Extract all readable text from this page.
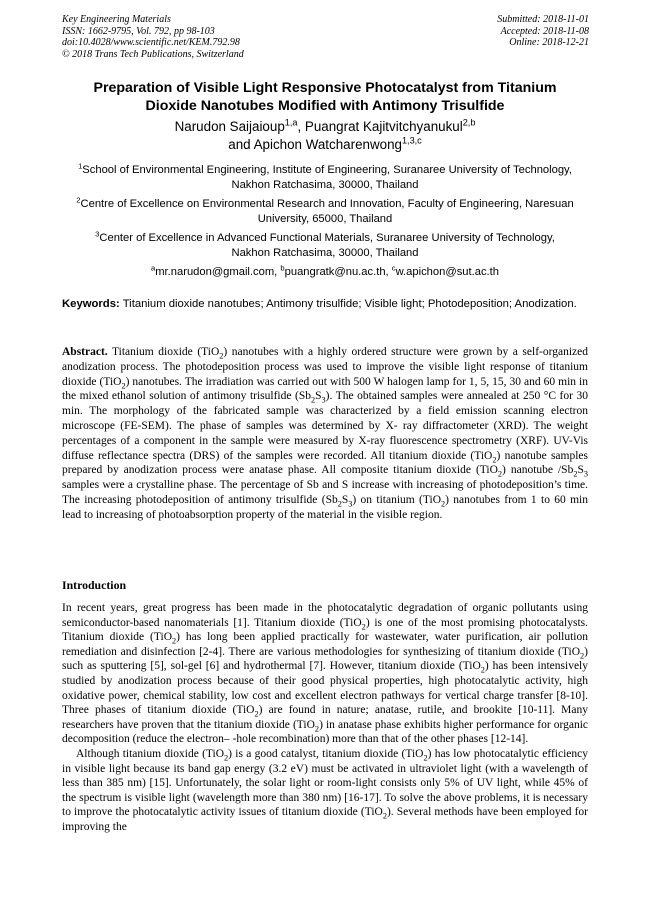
Key Engineering Materials
ISSN: 1662-9795, Vol. 792, pp 98-103
doi:10.4028/www.scientific.net/KEM.792.98
© 2018 Trans Tech Publications, Switzerland
Submitted: 2018-11-01
Accepted: 2018-11-08
Online: 2018-12-21
Preparation of Visible Light Responsive Photocatalyst from Titanium
Dioxide Nanotubes Modified with Antimony Trisulfide
Narudon Saijaioup$^{1,a}$, Puangrat Kajitvitchyanukul$^{2,b}$
and Apichon Watcharenwong$^{1,3,c}$
$^1$School of Environmental Engineering, Institute of Engineering, Suranaree University of Technology,
Nakhon Ratchasima, 30000, Thailand
$^2$Centre of Excellence on Environmental Research and Innovation, Faculty of Engineering, Naresuan
University, 65000, Thailand
$^3$Center of Excellence in Advanced Functional Materials, Suranaree University of Technology,
Nakhon Ratchasima, 30000, Thailand
$^a$mr.narudon@gmail.com, $^b$puangratk@nu.ac.th, $^c$w.apichon@sut.ac.th
Keywords: Titanium dioxide nanotubes; Antimony trisulfide; Visible light; Photodeposition; Anodization.
Abstract. Titanium dioxide (TiO$_2$) nanotubes with a highly ordered structure were grown by a self-organized anodization process. The photodeposition process was used to improve the visible light response of titanium dioxide (TiO$_2$) nanotubes. The irradiation was carried out with 500 W halogen lamp for 1, 5, 15, 30 and 60 min in the mixed ethanol solution of antimony trisulfide $(Sb_2S_3)$. The obtained samples were annealed at 250 °C for 30 min. The morphology of the fabricated sample was characterized by a field emission scanning electron microscope (FE-SEM). The phase of samples was determined by X- ray diffractometer (XRD). The weight percentages of a component in the sample were measured by X-ray fluorescence spectrometry (XRF). UV-Vis diffuse reflectance spectra (DRS) of the samples were recorded. All titanium dioxide (TiO$_2$) nanotube samples prepared by anodization process were anatase phase. All composite titanium dioxide (TiO$_2$) nanotube $/Sb_2S_3$ samples were a crystalline phase. The percentage of Sb and S increase with increasing of photodeposition’s time. The increasing photodeposition of antimony trisulfide $(Sb_2S_3)$ on titanium (TiO$_2$) nanotubes from 1 to 60 min lead to increasing of photoabsorption property of the material in the visible region.
Introduction

In recent years, great progress has been made in the photocatalytic degradation of organic pollutants using semiconductor-based nanomaterials [1]. Titanium dioxide (TiO$_2$) is one of the most promising photocatalysts. Titanium dioxide (TiO$_2$) has long been applied practically for wastewater, water purification, air pollution remediation and disinfection [2-4]. There are various methodologies for synthesizing of titanium dioxide (TiO$_2$) such as sputtering [5], sol-gel [6] and hydrothermal [7]. However, titanium dioxide (TiO$_2$) has been intensively studied by anodization process because of their good physical properties, high photocatalytic activity, high oxidative power, chemical stability, low cost and excellent electron pathways for vertical charge transfer [8-10]. Three phases of titanium dioxide (TiO$_2$) are found in nature; anatase, rutile, and brookite [10-11]. Many researchers have proven that the titanium dioxide (TiO$_2$) in anatase phase exhibits higher performance for organic decomposition (reduce the electron– -hole recombination) more than that of the other phases [12-14].

Although titanium dioxide (TiO$_2$) is a good catalyst, titanium dioxide (TiO$_2$) has low photocatalytic efficiency in visible light because its band gap energy (3.2 eV) must be activated in ultraviolet light (with a wavelength of less than 385 nm) [15]. Unfortunately, the solar light or room-light consists only 5% of UV light, while 45% of the spectrum is visible light (wavelength more than 380 nm) [16-17]. To solve the above problems, it is necessary to improve the photocatalytic activity issues of titanium dioxide (TiO$_2$). Several methods have been employed for improving the
